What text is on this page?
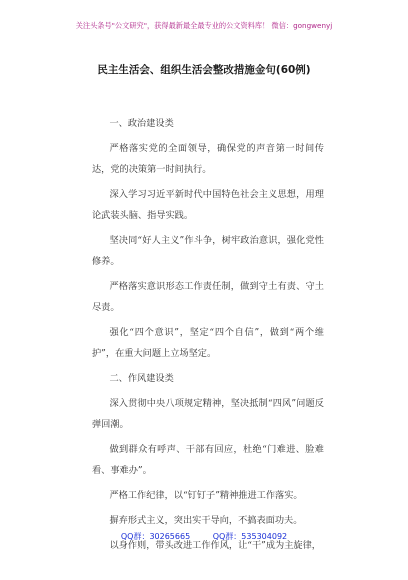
关注头条号"公文研究"，获得最新最全最专业的公文资料库！ 微信：gongwenyj
民主生活会、组织生活会整改措施金句(60例)

一、政治建设类

严格落实党的全面领导，确保党的声音第一时间传达，党的决策第一时间执行。

深入学习习近平新时代中国特色社会主义思想，用理论武装头脑、指导实践。

坚决同“好人主义”作斗争，树牢政治意识，强化党性修养。

严格落实意识形态工作责任制，做到守土有责、守土尽责。

强化“四个意识”，坚定“四个自信”，做到“两个维护”，在重大问题上立场坚定。

二、作风建设类

深入贯彻中央八项规定精神，坚决抵制“四风”问题反弹回潮。

做到群众有呼声、干部有回应，杜绝“门难进、脸难看、事难办”。

严格工作纪律，以“钉钉子”精神推进工作落实。

摒弃形式主义，突出实干导向，不搞表面功夫。

以身作则，带头改进工作作风，让“干”成为主旋律，

QQ群：30265665	QQ群：535304092
